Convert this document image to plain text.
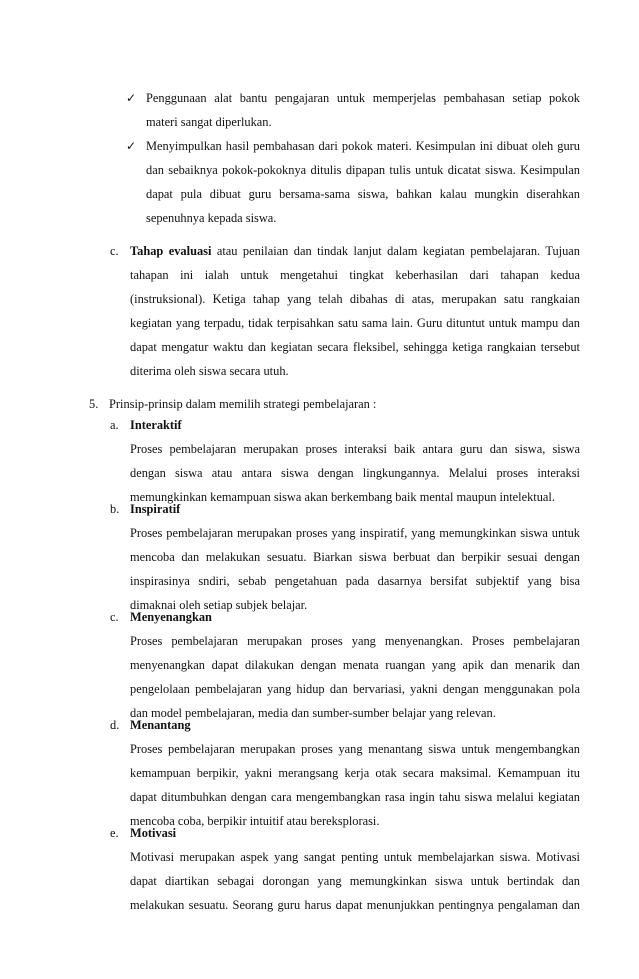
✓ Penggunaan alat bantu pengajaran untuk memperjelas pembahasan setiap pokok
materi sangat diperlukan.
✓ Menyimpulkan hasil pembahasan dari pokok materi. Kesimpulan ini dibuat oleh guru
dan sebaiknya pokok-pokoknya ditulis dipapan tulis untuk dicatat siswa. Kesimpulan
dapat pula dibuat guru bersama-sama siswa, bahkan kalau mungkin diserahkan
sepenuhnya kepada siswa.
c. Tahap evaluasi atau penilaian dan tindak lanjut dalam kegiatan pembelajaran. Tujuan
tahapan ini ialah untuk mengetahui tingkat keberhasilan dari tahapan kedua
(instruksional). Ketiga tahap yang telah dibahas di atas, merupakan satu rangkaian
kegiatan yang terpadu, tidak terpisahkan satu sama lain. Guru dituntut untuk mampu dan
dapat mengatur waktu dan kegiatan secara fleksibel, sehingga ketiga rangkaian tersebut
diterima oleh siswa secara utuh.
5. Prinsip-prinsip dalam memilih strategi pembelajaran :
a. Interaktif
Proses pembelajaran merupakan proses interaksi baik antara guru dan siswa, siswa
dengan siswa atau antara siswa dengan lingkungannya. Melalui proses interaksi
memungkinkan kemampuan siswa akan berkembang baik mental maupun intelektual.
b. Inspiratif
Proses pembelajaran merupakan proses yang inspiratif, yang memungkinkan siswa untuk
mencoba dan melakukan sesuatu. Biarkan siswa berbuat dan berpikir sesuai dengan
inspirasinya sndiri, sebab pengetahuan pada dasarnya bersifat subjektif yang bisa
dimaknai oleh setiap subjek belajar.
c. Menyenangkan
Proses pembelajaran merupakan proses yang menyenangkan. Proses pembelajaran
menyenangkan dapat dilakukan dengan menata ruangan yang apik dan menarik dan
pengelolaan pembelajaran yang hidup dan bervariasi, yakni dengan menggunakan pola
dan model pembelajaran, media dan sumber-sumber belajar yang relevan.
d. Menantang
Proses pembelajaran merupakan proses yang menantang siswa untuk mengembangkan
kemampuan berpikir, yakni merangsang kerja otak secara maksimal. Kemampuan itu
dapat ditumbuhkan dengan cara mengembangkan rasa ingin tahu siswa melalui kegiatan
mencoba coba, berpikir intuitif atau bereksplorasi.
e. Motivasi
Motivasi merupakan aspek yang sangat penting untuk membelajarkan siswa. Motivasi
dapat diartikan sebagai dorongan yang memungkinkan siswa untuk bertindak dan
melakukan sesuatu. Seorang guru harus dapat menunjukkan pentingnya pengalaman dan
